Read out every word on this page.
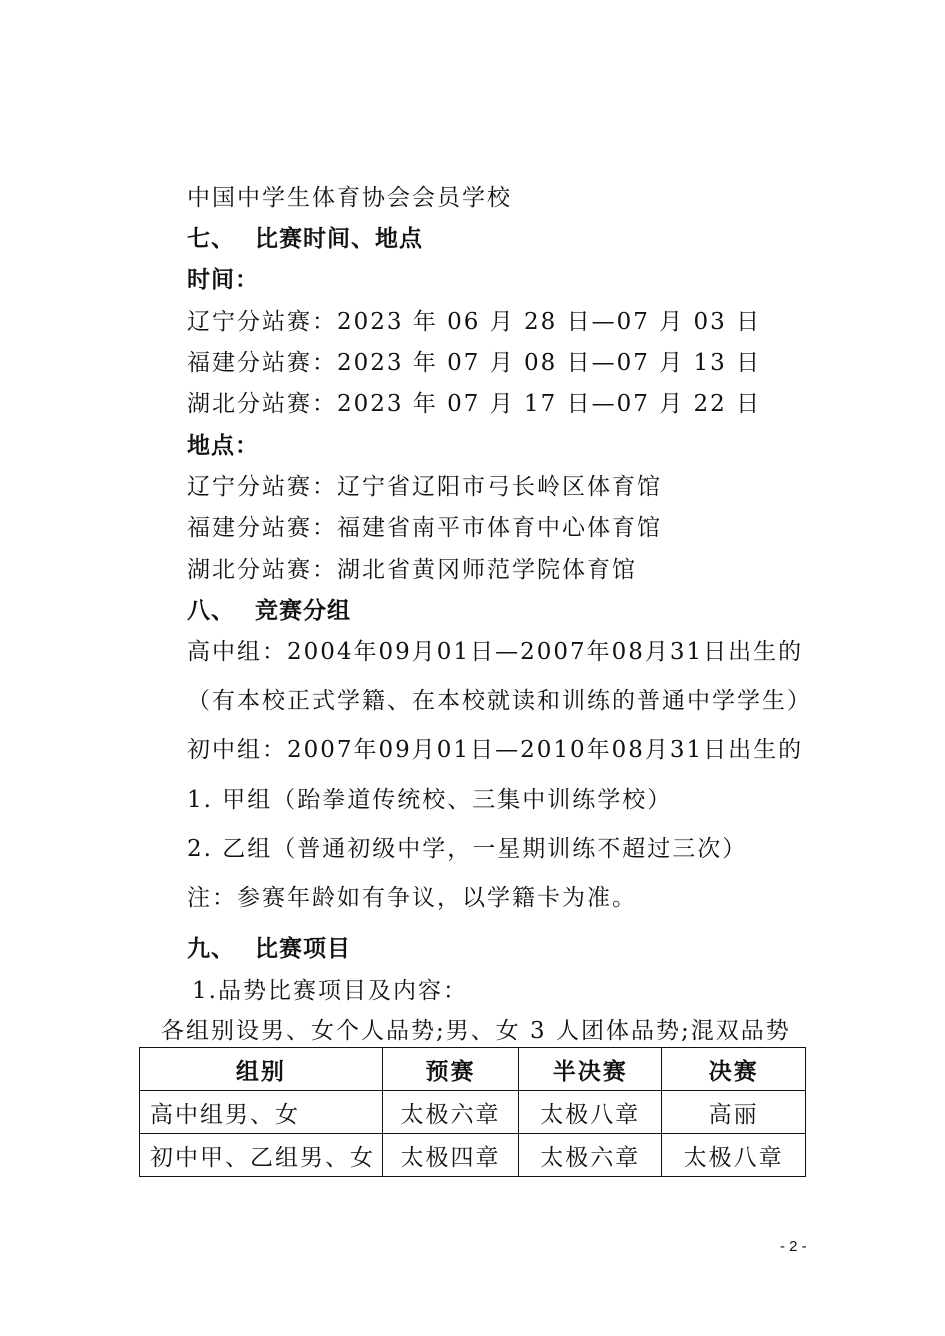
中国中学生体育协会会员学校
七、 比赛时间、地点
时间：
辽宁分站赛：2023 年 06 月 28 日—07 月 03 日
福建分站赛：2023 年 07 月 08 日—07 月 13 日
湖北分站赛：2023 年 07 月 17 日—07 月 22 日
地点：
辽宁分站赛：辽宁省辽阳市弓长岭区体育馆
福建分站赛：福建省南平市体育中心体育馆
湖北分站赛：湖北省黄冈师范学院体育馆
八、 竞赛分组
高中组：2004年09月01日—2007年08月31日出生的
（有本校正式学籍、在本校就读和训练的普通中学学生）
初中组：2007年09月01日—2010年08月31日出生的
1. 甲组（跆拳道传统校、三集中训练学校）
2. 乙组（普通初级中学，一星期训练不超过三次）
注：参赛年龄如有争议，以学籍卡为准。
九、 比赛项目
1.品势比赛项目及内容：
各组别设男、女个人品势;男、女 3 人团体品势;混双品势
组别	预赛	半决赛	决赛
高中组男、女	太极六章	太极八章	高丽
初中甲、乙组男、女	太极四章	太极六章	太极八章
- 2 -
